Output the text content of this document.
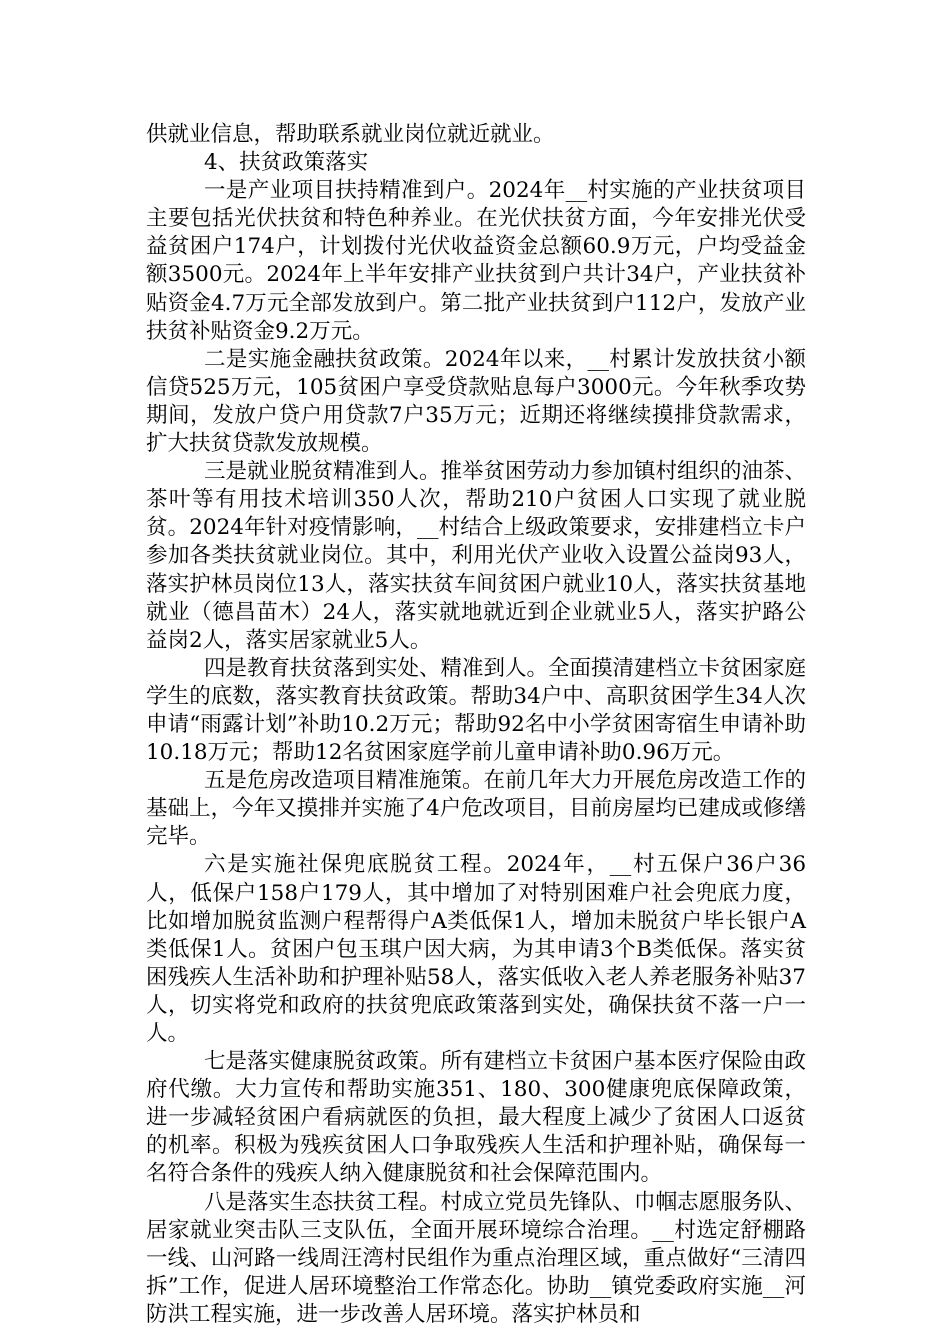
供就业信息，帮助联系就业岗位就近就业。

4、扶贫政策落实

一是产业项目扶持精准到户。2024年__村实施的产业扶贫项目主要包括光伏扶贫和特色种养业。在光伏扶贫方面，今年安排光伏受益贫困户174户，计划拨付光伏收益资金总额60.9万元，户均受益金额3500元。2024年上半年安排产业扶贫到户共计34户，产业扶贫补贴资金4.7万元全部发放到户。第二批产业扶贫到户112户，发放产业扶贫补贴资金9.2万元。

二是实施金融扶贫政策。2024年以来，__村累计发放扶贫小额信贷525万元，105贫困户享受贷款贴息每户3000元。今年秋季攻势期间，发放户贷户用贷款7户35万元；近期还将继续摸排贷款需求，扩大扶贫贷款发放规模。

三是就业脱贫精准到人。推举贫困劳动力参加镇村组织的油茶、茶叶等有用技术培训350人次，帮助210户贫困人口实现了就业脱贫。2024年针对疫情影响，__村结合上级政策要求，安排建档立卡户参加各类扶贫就业岗位。其中，利用光伏产业收入设置公益岗93人，落实护林员岗位13人，落实扶贫车间贫困户就业10人，落实扶贫基地就业（德昌苗木）24人，落实就地就近到企业就业5人，落实护路公益岗2人，落实居家就业5人。

四是教育扶贫落到实处、精准到人。全面摸清建档立卡贫困家庭学生的底数，落实教育扶贫政策。帮助34户中、高职贫困学生34人次申请“雨露计划”补助10.2万元；帮助92名中小学贫困寄宿生申请补助10.18万元；帮助12名贫困家庭学前儿童申请补助0.96万元。

五是危房改造项目精准施策。在前几年大力开展危房改造工作的基础上，今年又摸排并实施了4户危改项目，目前房屋均已建成或修缮完毕。

六是实施社保兜底脱贫工程。2024年，__村五保户36户36人，低保户158户179人，其中增加了对特别困难户社会兜底力度，比如增加脱贫监测户程帮得户A类低保1人，增加未脱贫户毕长银户A类低保1人。贫困户包玉琪户因大病，为其申请3个B类低保。落实贫困残疾人生活补助和护理补贴58人，落实低收入老人养老服务补贴37人，切实将党和政府的扶贫兜底政策落到实处，确保扶贫不落一户一人。

七是落实健康脱贫政策。所有建档立卡贫困户基本医疗保险由政府代缴。大力宣传和帮助实施351、180、300健康兜底保障政策，进一步减轻贫困户看病就医的负担，最大程度上减少了贫困人口返贫的机率。积极为残疾贫困人口争取残疾人生活和护理补贴，确保每一名符合条件的残疾人纳入健康脱贫和社会保障范围内。

八是落实生态扶贫工程。村成立党员先锋队、巾帼志愿服务队、居家就业突击队三支队伍，全面开展环境综合治理。__村选定舒棚路一线、山河路一线周汪湾村民组作为重点治理区域，重点做好“三清四拆”工作，促进人居环境整治工作常态化。协助__镇党委政府实施__河防洪工程实施，进一步改善人居环境。落实护林员和
